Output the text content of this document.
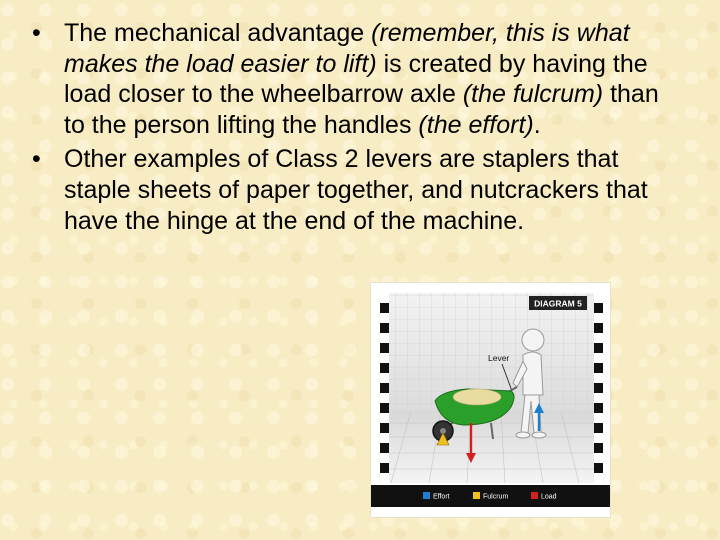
• The mechanical advantage (remember, this is what makes the load easier to lift) is created by having the load closer to the wheelbarrow axle (the fulcrum) than to the person lifting the handles (the effort).
• Other examples of Class 2 levers are staplers that staple sheets of paper together, and nutcrackers that have the hinge at the end of the machine.
DIAGRAM 5
Lever
Effort	Fulcrum	Load
